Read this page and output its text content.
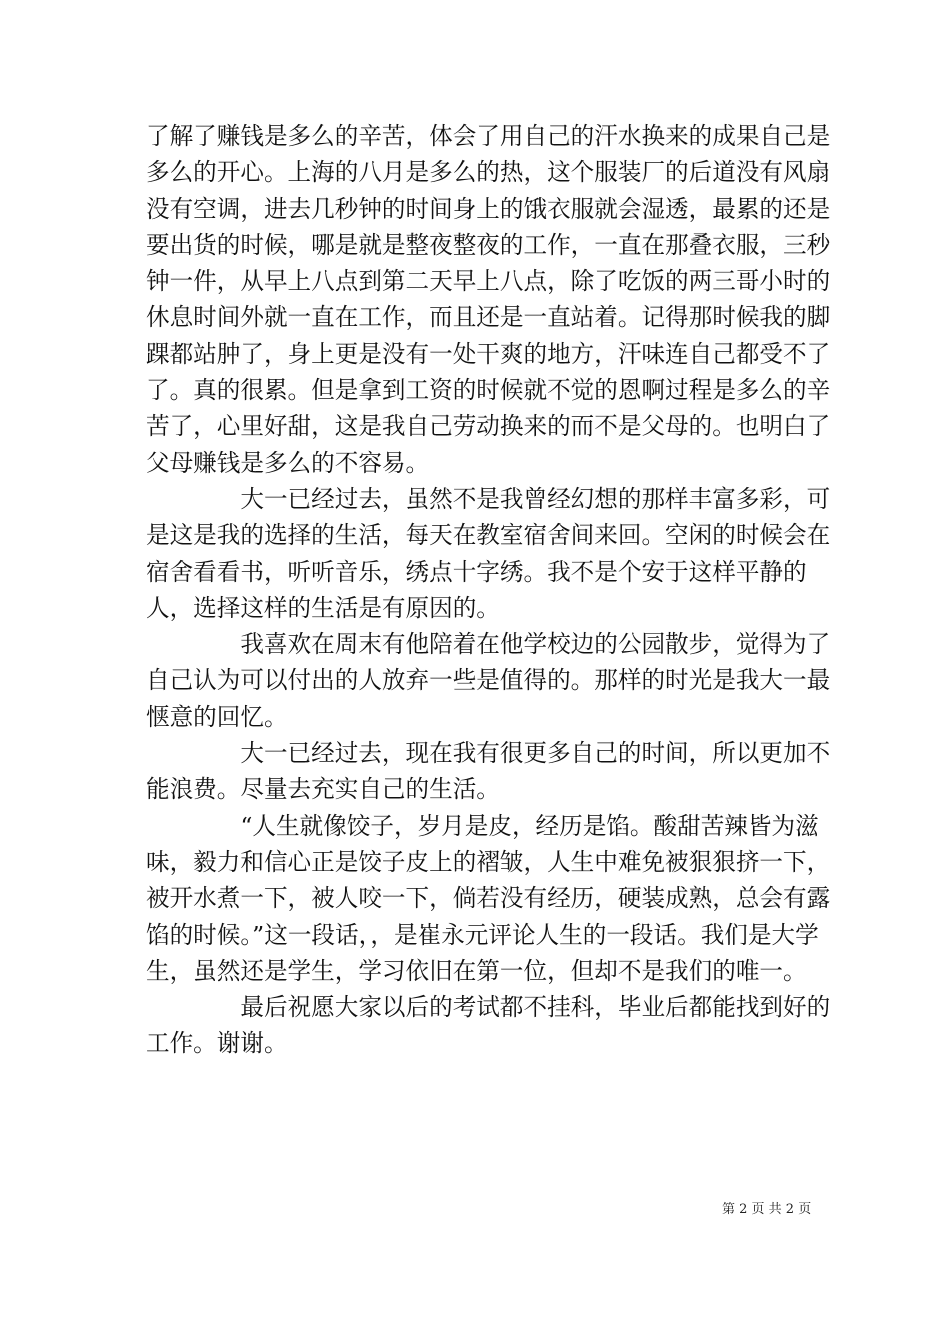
了解了赚钱是多么的辛苦，体会了用自己的汗水换来的成果自己是多么的开心。上海的八月是多么的热，这个服装厂的后道没有风扇没有空调，进去几秒钟的时间身上的饿衣服就会湿透，最累的还是要出货的时候，哪是就是整夜整夜的工作，一直在那叠衣服，三秒钟一件，从早上八点到第二天早上八点，除了吃饭的两三哥小时的休息时间外就一直在工作，而且还是一直站着。记得那时候我的脚踝都站肿了，身上更是没有一处干爽的地方，汗味连自己都受不了了。真的很累。但是拿到工资的时候就不觉的恩啊过程是多么的辛苦了，心里好甜，这是我自己劳动换来的而不是父母的。也明白了父母赚钱是多么的不容易。

　　　　大一已经过去，虽然不是我曾经幻想的那样丰富多彩，可是这是我的选择的生活，每天在教室宿舍间来回。空闲的时候会在宿舍看看书，听听音乐，绣点十字绣。我不是个安于这样平静的人，选择这样的生活是有原因的。

　　　　我喜欢在周末有他陪着在他学校边的公园散步，觉得为了自己认为可以付出的人放弃一些是值得的。那样的时光是我大一最惬意的回忆。

　　　　大一已经过去，现在我有很更多自己的时间，所以更加不能浪费。尽量去充实自己的生活。

　　　　“人生就像饺子，岁月是皮，经历是馅。酸甜苦辣皆为滋味，毅力和信心正是饺子皮上的褶皱，人生中难免被狠狠挤一下，被开水煮一下，被人咬一下，倘若没有经历，硬装成熟，总会有露馅的时候。”这一段话，，是崔永元评论人生的一段话。我们是大学生，虽然还是学生，学习依旧在第一位，但却不是我们的唯一。

　　　　最后祝愿大家以后的考试都不挂科，毕业后都能找到好的工作。谢谢。

第 2 页 共 2 页
